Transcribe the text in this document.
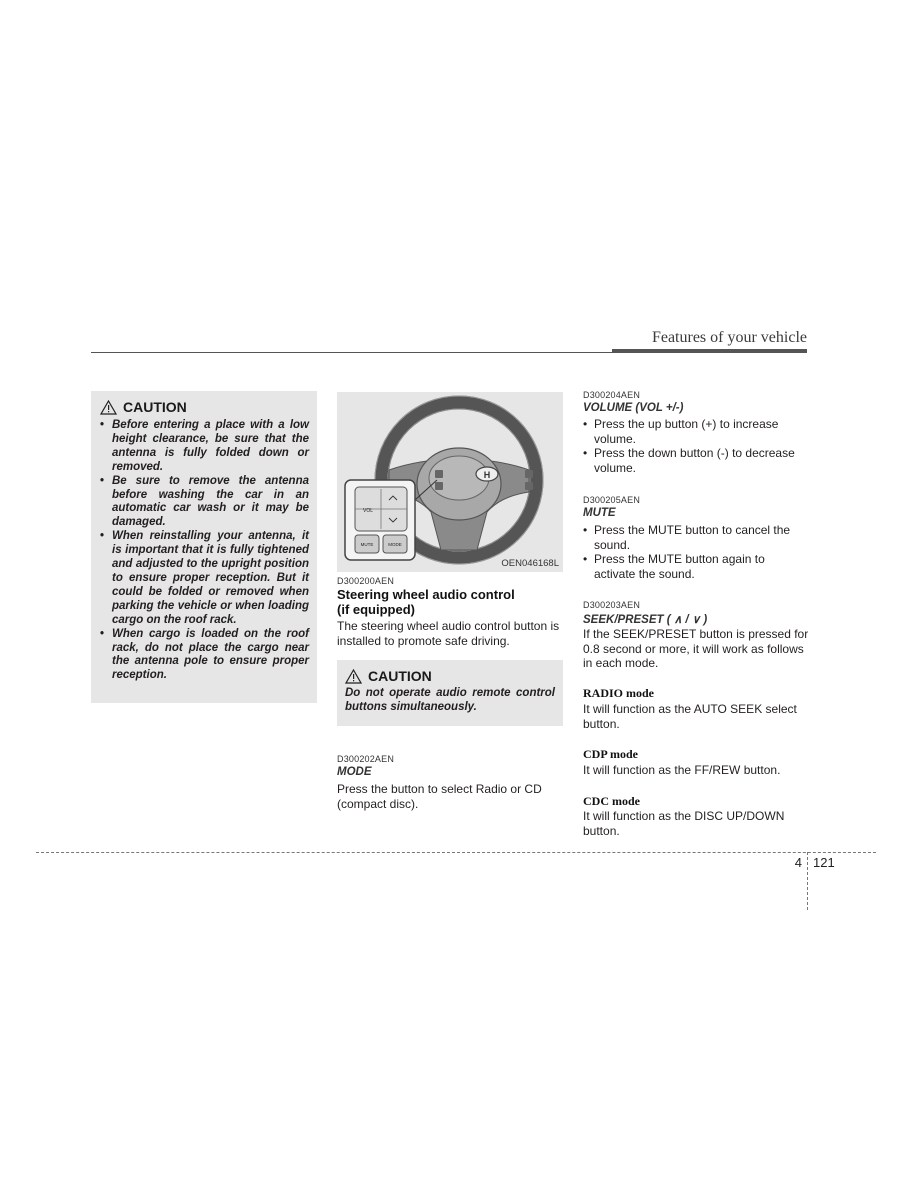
Features of your vehicle
CAUTION
• Before entering a place with a low height clearance, be sure that the antenna is fully folded down or removed.
• Be sure to remove the antenna before washing the car in an automatic car wash or it may be damaged.
• When reinstalling your antenna, it is important that it is fully tightened and adjusted to the upright position to ensure proper reception. But it could be folded or removed when parking the vehicle or when loading cargo on the roof rack.
• When cargo is loaded on the roof rack, do not place the cargo near the antenna pole to ensure proper reception.
H
VOL
MUTE	MODE
OEN046168L
D300200AEN
Steering wheel audio control
(if equipped)
The steering wheel audio control button is installed to promote safe driving.
CAUTION
Do not operate audio remote control buttons simultaneously.
D300202AEN
MODE
Press the button to select Radio or CD (compact disc).
D300204AEN
VOLUME (VOL +/-)
• Press the up button (+) to increase volume.
• Press the down button (-) to decrease volume.
D300205AEN
MUTE
• Press the MUTE button to cancel the sound.
• Press the MUTE button again to activate the sound.
D300203AEN
SEEK/PRESET ( ∧ / ∨ )
If the SEEK/PRESET button is pressed for 0.8 second or more, it will work as follows in each mode.
RADIO mode
It will function as the AUTO SEEK select button.
CDP mode
It will function as the FF/REW button.
CDC mode
It will function as the DISC UP/DOWN button.
4 121
